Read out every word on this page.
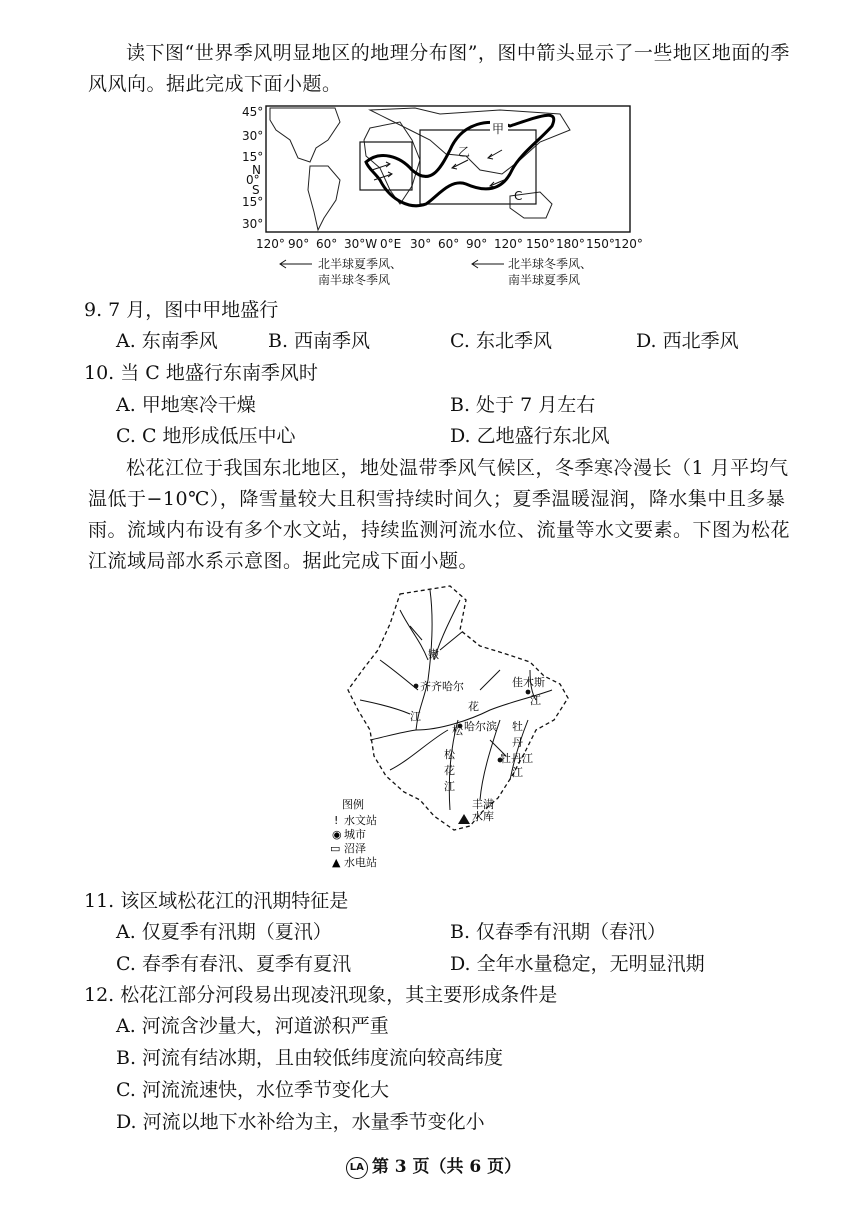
读下图“世界季风明显地区的地理分布图”，图中箭头显示了一些地区地面的季风风向。据此完成下面小题。

甲
乙
C
45°
30°
15°
N
0°
S
15°
30°
120° 90° 60° 30°W 0°E 30° 60° 90° 120° 150° 180° 150° 120°
北半球夏季风、
南半球冬季风
北半球冬季风、
南半球夏季风
9. 7 月，图中甲地盛行
A. 东南季风	B. 西南季风	C. 东北季风	D. 西北季风
10. 当 C 地盛行东南季风时
A. 甲地寒冷干燥	B. 处于 7 月左右
C. C 地形成低压中心	D. 乙地盛行东北风

松花江位于我国东北地区，地处温带季风气候区，冬季寒冷漫长（1 月平均气温低于−10℃），降雪量较大且积雪持续时间久；夏季温暖湿润，降水集中且多暴雨。流域内布设有多个水文站，持续监测河流水位、流量等水文要素。下图为松花江流域局部水系示意图。据此完成下面小题。

嫩
齐齐哈尔
江
佳木斯
江
花
松 哈尔滨 牡
丹
江
牡丹江
松
花
江
丰满
水库
图例
! 水文站
◉ 城市
▭ 沼泽
▲ 水电站
11. 该区域松花江的汛期特征是
A. 仅夏季有汛期（夏汛）	B. 仅春季有汛期（春汛）
C. 春季有春汛、夏季有夏汛	D. 全年水量稳定，无明显汛期
12. 松花江部分河段易出现凌汛现象，其主要形成条件是
A. 河流含沙量大，河道淤积严重
B. 河流有结冰期，且由较低纬度流向较高纬度
C. 河流流速快，水位季节变化大
D. 河流以地下水补给为主，水量季节变化小
LA 第 3 页（共 6 页）
